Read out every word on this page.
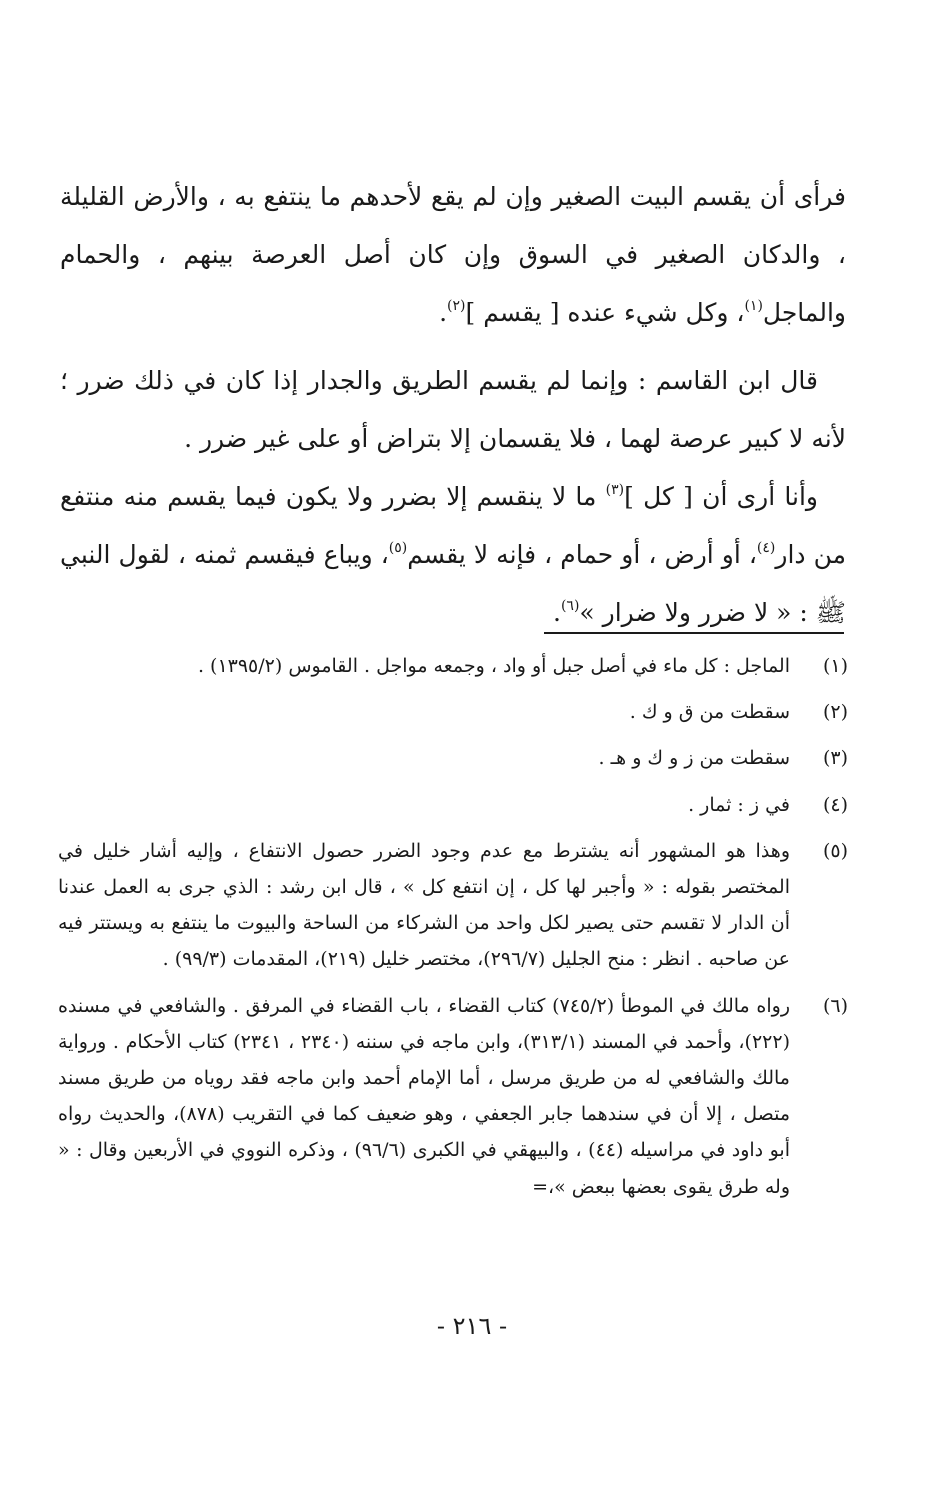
فرأى أن يقسم البيت الصغير وإن لم يقع لأحدهم ما ينتفع به ، والأرض القليلة ، والدكان الصغير في السوق وإن كان أصل العرصة بينهم ، والحمام والماجل$^{(١)}$، وكل شيء عنده [ يقسم ]$^{(٢)}$.

قال ابن القاسم : وإنما لم يقسم الطريق والجدار إذا كان في ذلك ضرر ؛ لأنه لا كبير عرصة لهما ، فلا يقسمان إلا بتراض أو على غير ضرر .

وأنا أرى أن [ كل ]$^{(٣)}$ ما لا ينقسم إلا بضرر ولا يكون فيما يقسم منه منتفع من دار$^{(٤)}$، أو أرض ، أو حمام ، فإنه لا يقسم$^{(٥)}$، ويباع فيقسم ثمنه ، لقول النبي ﷺ : « لا ضرر ولا ضرار »$^{(٦)}$.

(١)
الماجل : كل ماء في أصل جبل أو واد ، وجمعه مواجل . القاموس (١٣٩٥/٢) .
(٢)
سقطت من ق و ك .
(٣)
سقطت من ز و ك و هـ .
(٤)
في ز : ثمار .
(٥)
وهذا هو المشهور أنه يشترط مع عدم وجود الضرر حصول الانتفاع ، وإليه أشار خليل في المختصر بقوله : « وأجبر لها كل ، إن انتفع كل » ، قال ابن رشد : الذي جرى به العمل عندنا أن الدار لا تقسم حتى يصير لكل واحد من الشركاء من الساحة والبيوت ما ينتفع به ويستتر فيه عن صاحبه . انظر : منح الجليل (٢٩٦/٧)، مختصر خليل (٢١٩)، المقدمات (٩٩/٣) .
(٦)
رواه مالك في الموطأ (٧٤٥/٢) كتاب القضاء ، باب القضاء في المرفق . والشافعي في مسنده (٢٢٢)، وأحمد في المسند (٣١٣/١)، وابن ماجه في سننه (٢٣٤٠ ، ٢٣٤١) كتاب الأحكام . ورواية مالك والشافعي له من طريق مرسل ، أما الإمام أحمد وابن ماجه فقد روياه من طريق مسند متصل ، إلا أن في سندهما جابر الجعفي ، وهو ضعيف كما في التقريب (٨٧٨)، والحديث رواه أبو داود في مراسيله (٤٤) ، والبيهقي في الكبرى (٩٦/٦) ، وذكره النووي في الأربعين وقال : « وله طرق يقوى بعضها ببعض »،=
- ٢١٦ -
